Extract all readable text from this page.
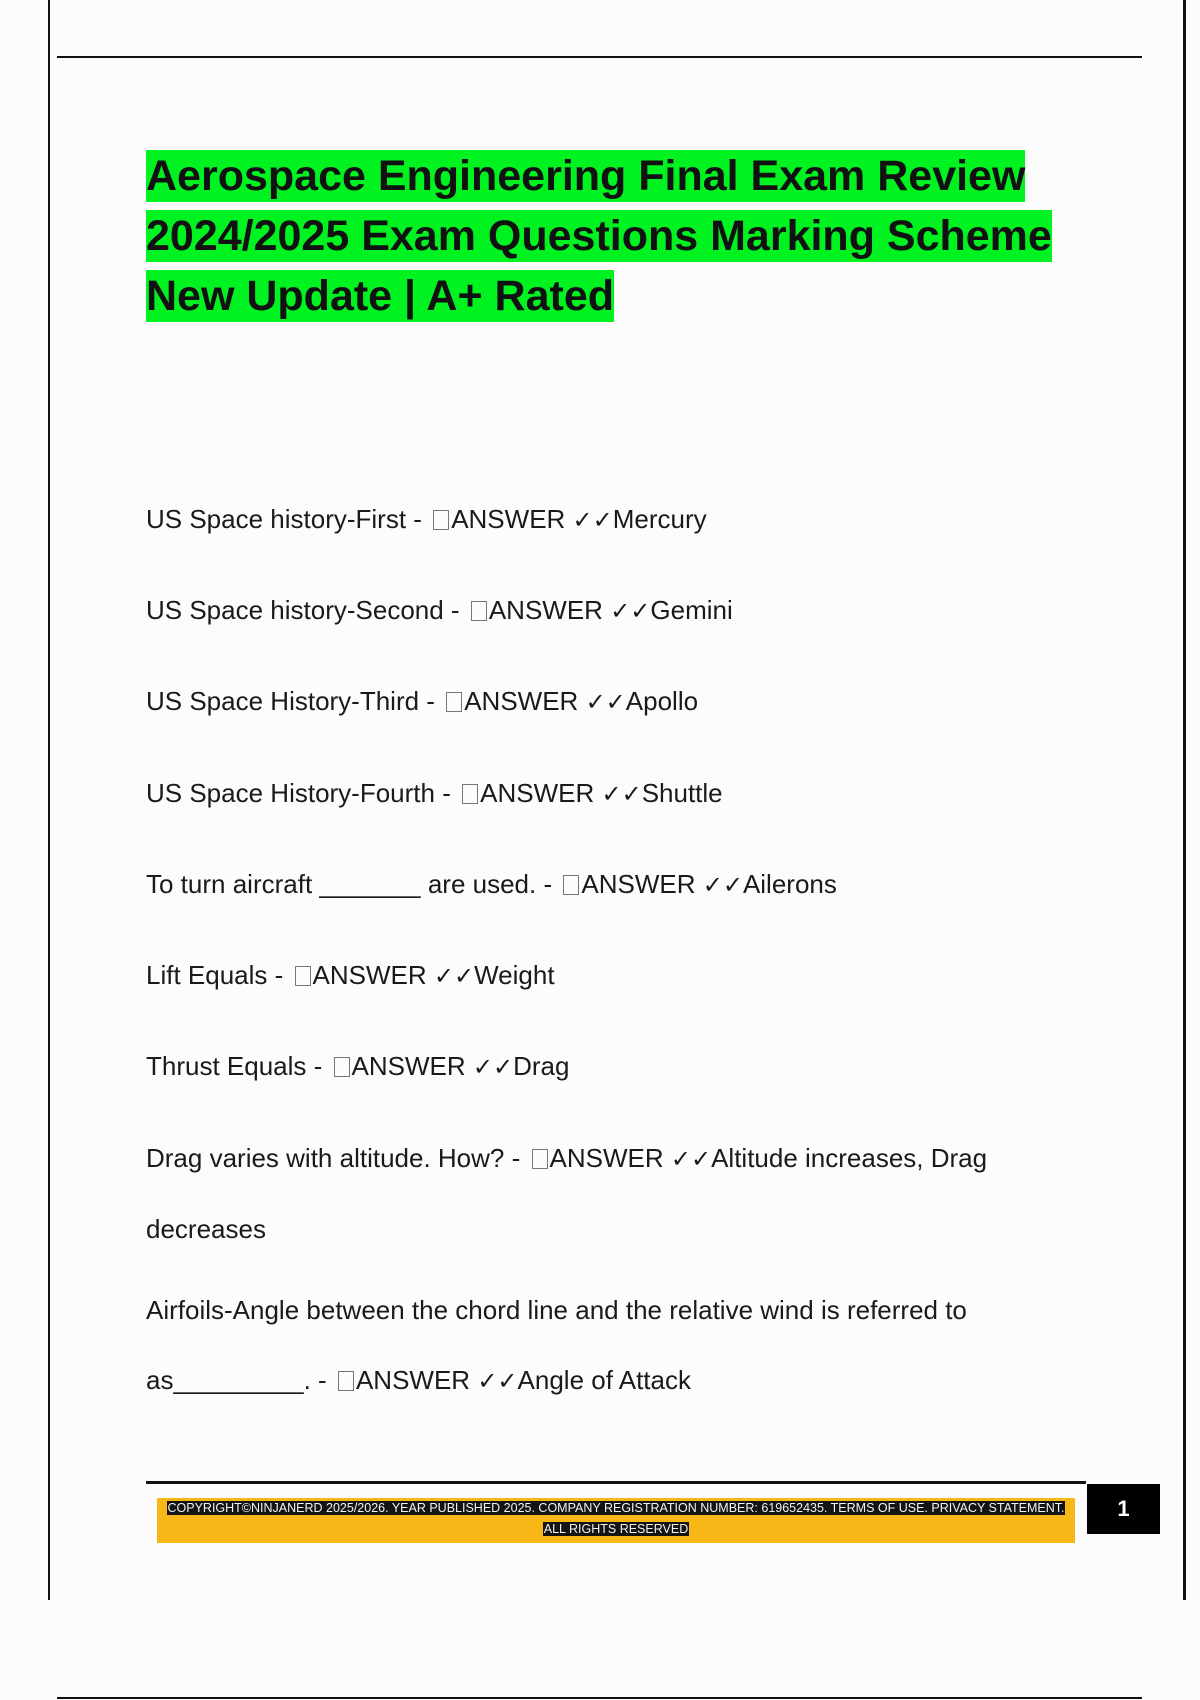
Aerospace Engineering Final Exam Review 2024/2025 Exam Questions Marking Scheme New Update | A+ Rated
US Space history-First - ANSWER ✓✓Mercury
US Space history-Second - ANSWER ✓✓Gemini
US Space History-Third - ANSWER ✓✓Apollo
US Space History-Fourth - ANSWER ✓✓Shuttle
To turn aircraft _______ are used. - ANSWER ✓✓Ailerons
Lift Equals - ANSWER ✓✓Weight
Thrust Equals - ANSWER ✓✓Drag
Drag varies with altitude. How? - ANSWER ✓✓Altitude increases, Drag decreases
Airfoils-Angle between the chord line and the relative wind is referred to as_________. - ANSWER ✓✓Angle of Attack
COPYRIGHT©NINJANERD 2025/2026. YEAR PUBLISHED 2025. COMPANY REGISTRATION NUMBER: 619652435. TERMS OF USE. PRIVACY STATEMENT. ALL RIGHTS RESERVED
1
